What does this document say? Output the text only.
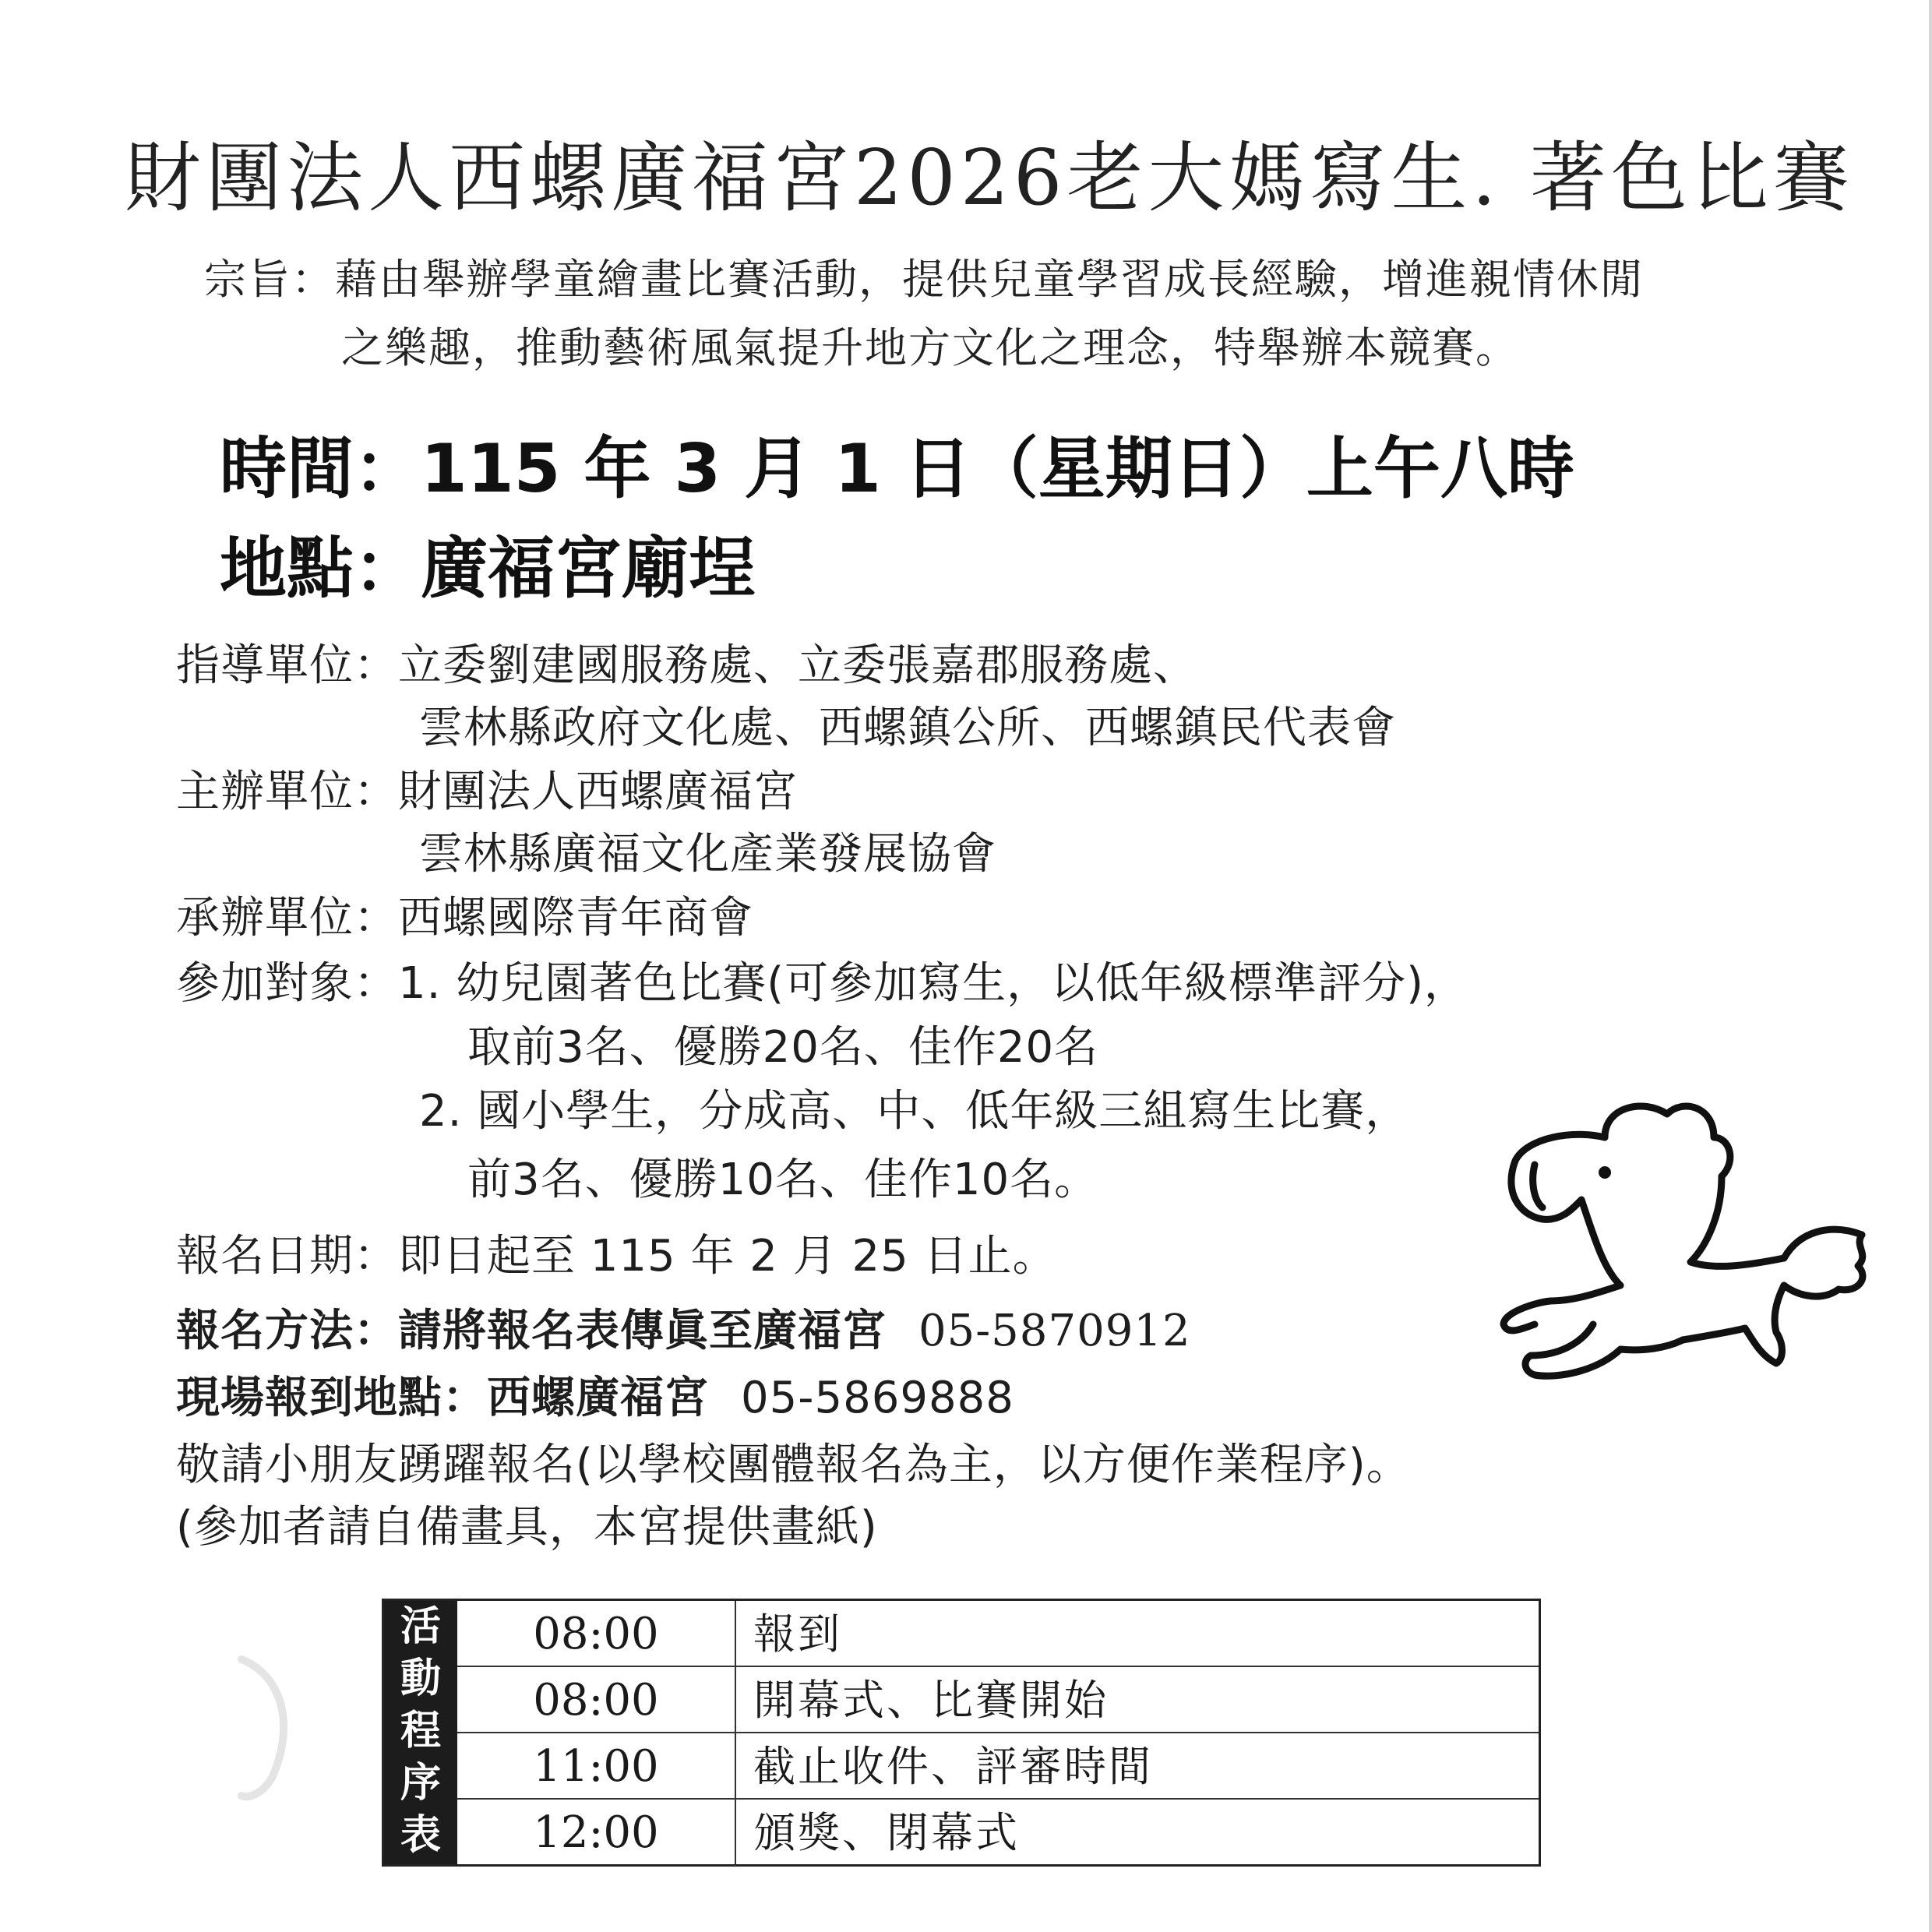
財團法人西螺廣福宮2026老大媽寫生. 著色比賽
宗旨：藉由舉辦學童繪畫比賽活動，提供兒童學習成長經驗，增進親情休閒
之樂趣，推動藝術風氣提升地方文化之理念，特舉辦本競賽。
時間：115 年 3 月 1 日（星期日）上午八時
地點：廣福宮廟埕
指導單位：立委劉建國服務處、立委張嘉郡服務處、
雲林縣政府文化處、西螺鎮公所、西螺鎮民代表會
主辦單位：財團法人西螺廣福宮
雲林縣廣福文化產業發展協會
承辦單位：西螺國際青年商會
參加對象：1. 幼兒園著色比賽(可參加寫生，以低年級標準評分)，
取前3名、優勝20名、佳作20名
2. 國小學生，分成高、中、低年級三組寫生比賽，
前3名、優勝10名、佳作10名。
報名日期：即日起至 115 年 2 月 25 日止。
報名方法：請將報名表傳眞至廣福宮 05-5870912
現場報到地點：西螺廣福宮 05-5869888
敬請小朋友踴躍報名(以學校團體報名為主，以方便作業程序)。
(參加者請自備畫具，本宮提供畫紙)
活
動
程
序
表
08:00	報到
08:00	開幕式、比賽開始
11:00	截止收件、評審時間
12:00	頒獎、閉幕式
